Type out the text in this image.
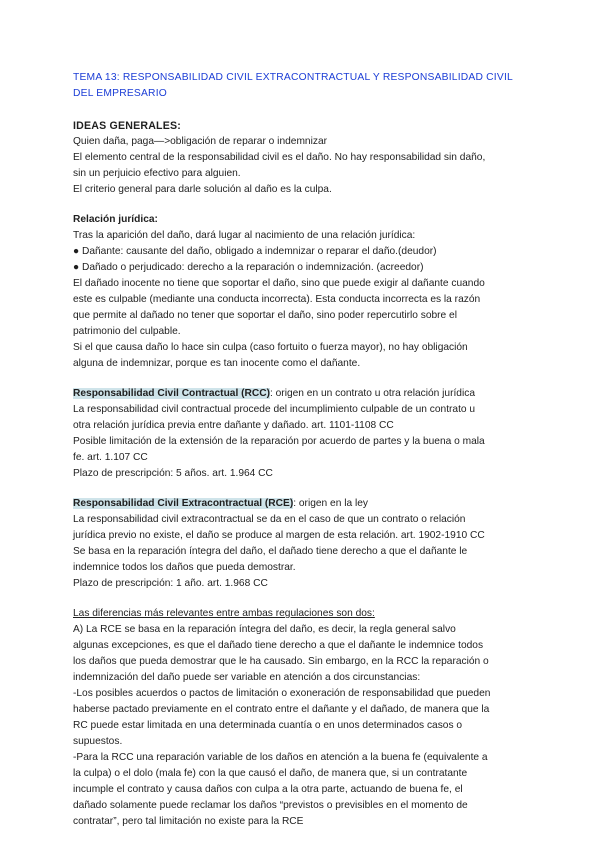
TEMA 13: RESPONSABILIDAD CIVIL EXTRACONTRACTUAL Y RESPONSABILIDAD CIVIL DEL EMPRESARIO
IDEAS GENERALES:
Quien daña, paga—>obligación de reparar o indemnizar
El elemento central de la responsabilidad civil es el daño. No hay responsabilidad sin daño,
sin un perjuicio efectivo para alguien.
El criterio general para darle solución al daño es la culpa.
Relación jurídica:
Tras la aparición del daño, dará lugar al nacimiento de una relación jurídica:
● Dañante: causante del daño, obligado a indemnizar o reparar el daño.(deudor)
● Dañado o perjudicado: derecho a la reparación o indemnización. (acreedor)
El dañado inocente no tiene que soportar el daño, sino que puede exigir al dañante cuando
este es culpable (mediante una conducta incorrecta). Esta conducta incorrecta es la razón
que permite al dañado no tener que soportar el daño, sino poder repercutirlo sobre el
patrimonio del culpable.
Si el que causa daño lo hace sin culpa (caso fortuito o fuerza mayor), no hay obligación
alguna de indemnizar, porque es tan inocente como el dañante.
Responsabilidad Civil Contractual (RCC): origen en un contrato u otra relación jurídica
La responsabilidad civil contractual procede del incumplimiento culpable de un contrato u
otra relación jurídica previa entre dañante y dañado. art. 1101-1108 CC
Posible limitación de la extensión de la reparación por acuerdo de partes y la buena o mala
fe. art. 1.107 CC
Plazo de prescripción: 5 años. art. 1.964 CC
Responsabilidad Civil Extracontractual (RCE): origen en la ley
La responsabilidad civil extracontractual se da en el caso de que un contrato o relación
jurídica previo no existe, el daño se produce al margen de esta relación. art. 1902-1910 CC
Se basa en la reparación íntegra del daño, el dañado tiene derecho a que el dañante le
indemnice todos los daños que pueda demostrar.
Plazo de prescripción: 1 año. art. 1.968 CC
Las diferencias más relevantes entre ambas regulaciones son dos:
A) La RCE se basa en la reparación íntegra del daño, es decir, la regla general salvo
algunas excepciones, es que el dañado tiene derecho a que el dañante le indemnice todos
los daños que pueda demostrar que le ha causado. Sin embargo, en la RCC la reparación o
indemnización del daño puede ser variable en atención a dos circunstancias:
-Los posibles acuerdos o pactos de limitación o exoneración de responsabilidad que pueden
haberse pactado previamente en el contrato entre el dañante y el dañado, de manera que la
RC puede estar limitada en una determinada cuantía o en unos determinados casos o
supuestos.
-Para la RCC una reparación variable de los daños en atención a la buena fe (equivalente a
la culpa) o el dolo (mala fe) con la que causó el daño, de manera que, si un contratante
incumple el contrato y causa daños con culpa a la otra parte, actuando de buena fe, el
dañado solamente puede reclamar los daños “previstos o previsibles en el momento de
contratar”, pero tal limitación no existe para la RCE
